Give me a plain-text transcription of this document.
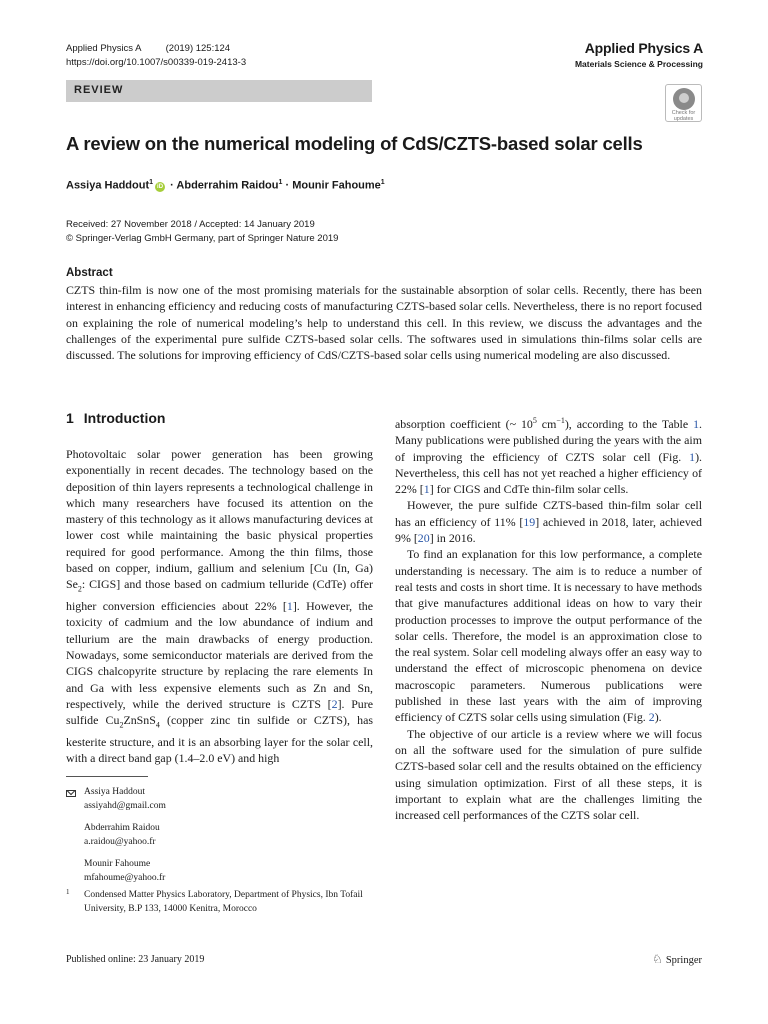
Applied Physics A	(2019) 125:124
https://doi.org/10.1007/s00339-019-2413-3
Applied Physics A
Materials Science & Processing
REVIEW
Check for
updates
A review on the numerical modeling of CdS/CZTS-based solar cells
Assiya Haddout$^1$iD · Abderrahim Raidou$^1$ · Mounir Fahoume$^1$
Received: 27 November 2018 / Accepted: 14 January 2019
© Springer-Verlag GmbH Germany, part of Springer Nature 2019
Abstract
CZTS thin-film is now one of the most promising materials for the sustainable absorption of solar cells. Recently, there has been interest in enhancing efficiency and reducing costs of manufacturing CZTS-based solar cells. Nevertheless, there is no report focused on explaining the role of numerical modeling’s help to understand this cell. In this review, we discuss the advantages and the challenges of the experimental pure sulfide CZTS-based solar cells. The softwares used in simulations thin-films solar cells are discussed. The solutions for improving efficiency of CdS/CZTS-based solar cells using numerical modeling are also discussed.
1 Introduction

Photovoltaic solar power generation has been growing exponentially in recent decades. The technology based on the deposition of thin layers represents a technological challenge in which many researchers have focused its attention on the mastery of this technology as it allows manufacturing devices at lower cost while maintaining the basic physical properties required for good performance. Among the thin films, those based on copper, indium, gallium and selenium [Cu (In, Ga) $Se_2$: CIGS] and those based on cadmium telluride (CdTe) offer higher conversion efficiencies about 22% [1]. However, the toxicity of cadmium and the low abundance of indium and tellurium are the main drawbacks of energy production. Nowadays, some semiconductor materials are derived from the CIGS chalcopyrite structure by replacing the rare elements In and Ga with less expensive elements such as Zn and Sn, respectively, while the derived structure is CZTS [2]. Pure sulfide $Cu_2ZnSnS_4$ (copper zinc tin sulfide or CZTS), has kesterite structure, and it is an absorbing layer for the solar cell, with a direct band gap (1.4–2.0 eV) and high

absorption coefficient (~ $10^5$ $cm^{-1}$), according to the Table 1. Many publications were published during the years with the aim of improving the efficiency of CZTS solar cell (Fig. 1). Nevertheless, this cell has not yet reached a higher efficiency of 22% [1] for CIGS and CdTe thin-film solar cells.

However, the pure sulfide CZTS-based thin-film solar cell has an efficiency of 11% [19] achieved in 2018, later, achieved 9% [20] in 2016.

To find an explanation for this low performance, a complete understanding is necessary. The aim is to reduce a number of real tests and costs in short time. It is necessary to have methods that give manufactures additional ideas on how to vary their production processes to improve the output performance of the solar cells. Therefore, the model is an approximation close to the real system. Solar cell modeling always offer an easy way to understand the effect of microscopic phenomena on device macroscopic parameters. Numerous publications were published in these last years with the aim of improving efficiency of CZTS solar cells using simulation (Fig. 2).

The objective of our article is a review where we will focus on all the software used for the simulation of pure sulfide CZTS-based solar cell and the results obtained on the efficiency using simulation optimization. First of all these steps, it is important to explain what are the challenges limiting the increased cell performances of the CZTS solar cell.

Assiya Haddout
assiyahd@gmail.com
Abderrahim Raidou
a.raidou@yahoo.fr
Mounir Fahoume
mfahoume@yahoo.fr
1	Condensed Matter Physics Laboratory, Department of Physics, Ibn Tofail University, B.P 133, 14000 Kenitra, Morocco
Published online: 23 January 2019	♘ Springer
